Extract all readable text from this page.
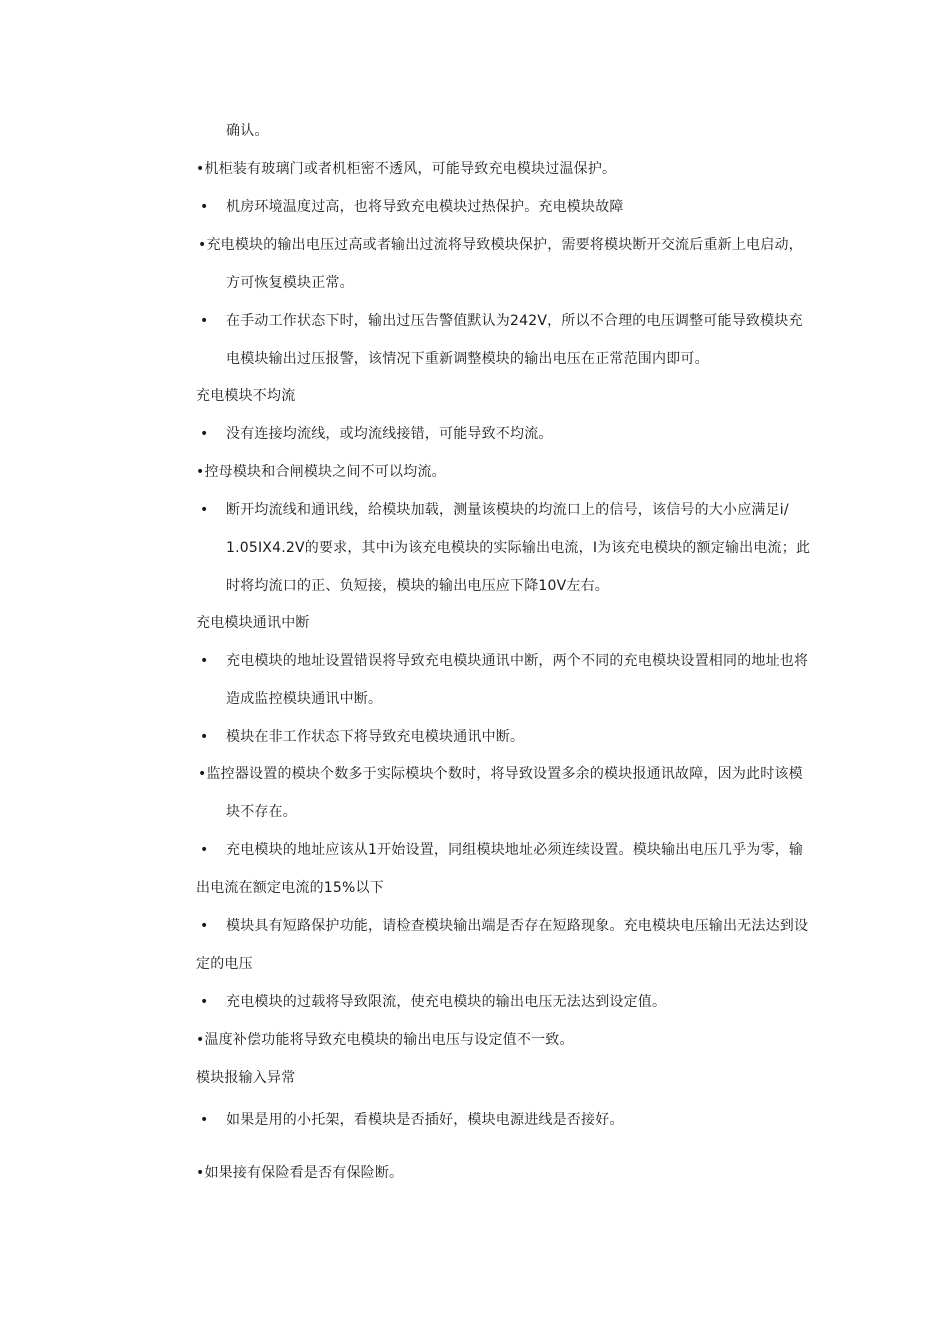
确认。
•机柜装有玻璃门或者机柜密不透风，可能导致充电模块过温保护。
• 机房环境温度过高，也将导致充电模块过热保护。充电模块故障
•充电模块的输出电压过高或者输出过流将导致模块保护，需要将模块断开交流后重新上电启动，
方可恢复模块正常。
• 在手动工作状态下时，输出过压告警值默认为242V，所以不合理的电压调整可能导致模块充
电模块输出过压报警，该情况下重新调整模块的输出电压在正常范围内即可。
充电模块不均流
• 没有连接均流线，或均流线接错，可能导致不均流。
•控母模块和合闸模块之间不可以均流。
• 断开均流线和通讯线，给模块加载，测量该模块的均流口上的信号，该信号的大小应满足i/
1.05IX4.2V的要求，其中i为该充电模块的实际输出电流，I为该充电模块的额定输出电流；此
时将均流口的正、负短接，模块的输出电压应下降10V左右。
充电模块通讯中断
• 充电模块的地址设置错误将导致充电模块通讯中断，两个不同的充电模块设置相同的地址也将
造成监控模块通讯中断。
• 模块在非工作状态下将导致充电模块通讯中断。
•监控器设置的模块个数多于实际模块个数时，将导致设置多余的模块报通讯故障，因为此时该模
块不存在。
• 充电模块的地址应该从1开始设置，同组模块地址必须连续设置。模块输出电压几乎为零，输
出电流在额定电流的15%以下
• 模块具有短路保护功能，请检查模块输出端是否存在短路现象。充电模块电压输出无法达到设
定的电压
• 充电模块的过载将导致限流，使充电模块的输出电压无法达到设定值。
•温度补偿功能将导致充电模块的输出电压与设定值不一致。
模块报输入异常
• 如果是用的小托架，看模块是否插好，模块电源进线是否接好。
•如果接有保险看是否有保险断。
